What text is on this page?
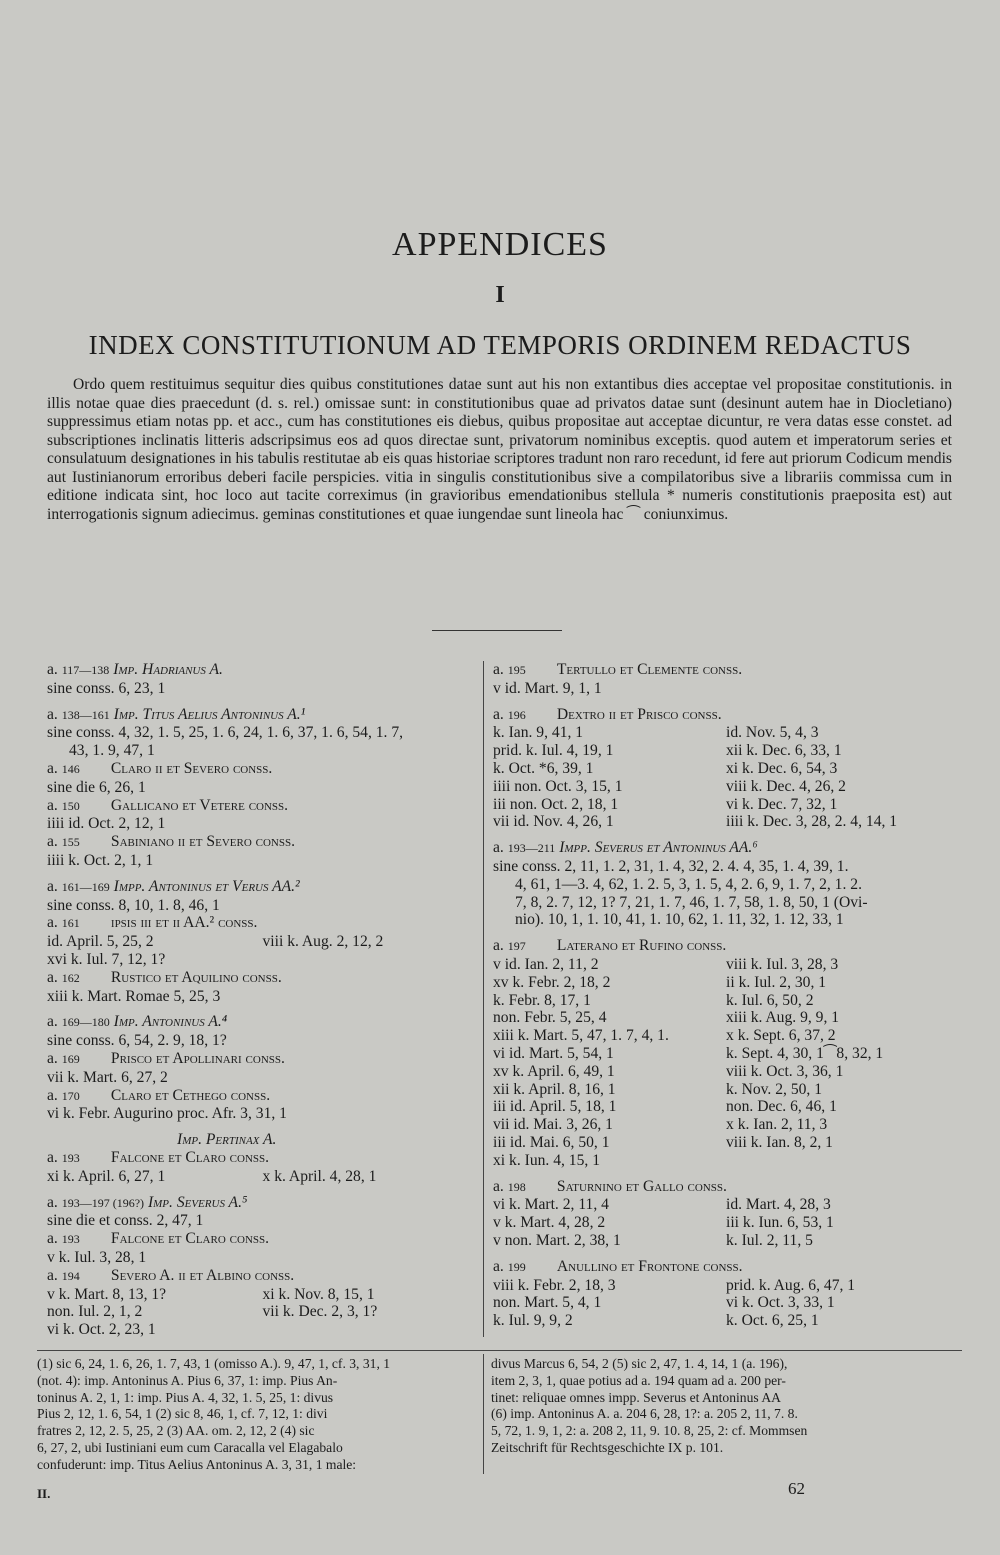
APPENDICES
I
INDEX CONSTITUTIONUM AD TEMPORIS ORDINEM REDACTUS

Ordo quem restituimus sequitur dies quibus constitutiones datae sunt aut his non extantibus dies acceptae vel propositae constitutionis. in illis notae quae dies praecedunt (d. s. rel.) omissae sunt: in constitutionibus quae ad privatos datae sunt (desinunt autem hae in Diocletiano) suppressimus etiam notas pp. et acc., cum has constitutiones eis diebus, quibus propositae aut acceptae dicuntur, re vera datas esse constet. ad subscriptiones inclinatis litteris adscripsimus eos ad quos directae sunt, privatorum nominibus exceptis. quod autem et imperatorum series et consulatuum designationes in his tabulis restitutae ab eis quas historiae scriptores tradunt non raro recedunt, id fere aut priorum Codicum mendis aut Iustinianorum erroribus deberi facile perspicies. vitia in singulis constitutionibus sive a compilatoribus sive a librariis commissa cum in editione indicata sint, hoc loco aut tacite correximus (in gravioribus emendationibus stellula * numeris constitutionis praeposita est) aut interrogationis signum adiecimus. geminas constitutiones et quae iungendae sunt lineola hac ⁀ coniunximus.

a. 117—138 Imp. Hadrianus A.
sine conss. 6, 23, 1
a. 138—161 Imp. Titus Aelius Antoninus A.¹
sine conss. 4, 32, 1. 5, 25, 1. 6, 24, 1. 6, 37, 1. 6, 54, 1. 7,
43, 1. 9, 47, 1
a. 146 Claro ii et Severo conss.
sine die 6, 26, 1
a. 150 Gallicano et Vetere conss.
iiii id. Oct. 2, 12, 1
a. 155 Sabiniano ii et Severo conss.
iiii k. Oct. 2, 1, 1
a. 161—169 Impp. Antoninus et Verus AA.²
sine conss. 8, 10, 1. 8, 46, 1
a. 161 ipsis iii et ii AA.² conss.
id. April. 5, 25, 2	viii k. Aug. 2, 12, 2
xvi k. Iul. 7, 12, 1?
a. 162 Rustico et Aquilino conss.
xiii k. Mart. Romae 5, 25, 3
a. 169—180 Imp. Antoninus A.⁴
sine conss. 6, 54, 2. 9, 18, 1?
a. 169 Prisco et Apollinari conss.
vii k. Mart. 6, 27, 2
a. 170 Claro et Cethego conss.
vi k. Febr. Augurino proc. Afr. 3, 31, 1
Imp. Pertinax A.
a. 193 Falcone et Claro conss.
xi k. April. 6, 27, 1	x k. April. 4, 28, 1
a. 193—197 (196?) Imp. Severus A.⁵
sine die et conss. 2, 47, 1
a. 193 Falcone et Claro conss.
v k. Iul. 3, 28, 1
a. 194 Severo A. ii et Albino conss.
v k. Mart. 8, 13, 1?	xi k. Nov. 8, 15, 1
non. Iul. 2, 1, 2	vii k. Dec. 2, 3, 1?
vi k. Oct. 2, 23, 1
a. 195 Tertullo et Clemente conss.
v id. Mart. 9, 1, 1
a. 196 Dextro ii et Prisco conss.
k. Ian. 9, 41, 1	id. Nov. 5, 4, 3
prid. k. Iul. 4, 19, 1	xii k. Dec. 6, 33, 1
k. Oct. *6, 39, 1	xi k. Dec. 6, 54, 3
iiii non. Oct. 3, 15, 1	viii k. Dec. 4, 26, 2
iii non. Oct. 2, 18, 1	vi k. Dec. 7, 32, 1
vii id. Nov. 4, 26, 1	iiii k. Dec. 3, 28, 2. 4, 14, 1
a. 193—211 Impp. Severus et Antoninus AA.⁶
sine conss. 2, 11, 1. 2, 31, 1. 4, 32, 2. 4. 4, 35, 1. 4, 39, 1.
4, 61, 1—3. 4, 62, 1. 2. 5, 3, 1. 5, 4, 2. 6, 9, 1. 7, 2, 1. 2.
7, 8, 2. 7, 12, 1? 7, 21, 1. 7, 46, 1. 7, 58, 1. 8, 50, 1 (Ovi-
nio). 10, 1, 1. 10, 41, 1. 10, 62, 1. 11, 32, 1. 12, 33, 1
a. 197 Laterano et Rufino conss.
v id. Ian. 2, 11, 2	viii k. Iul. 3, 28, 3
xv k. Febr. 2, 18, 2	ii k. Iul. 2, 30, 1
k. Febr. 8, 17, 1	k. Iul. 6, 50, 2
non. Febr. 5, 25, 4	xiii k. Aug. 9, 9, 1
xiii k. Mart. 5, 47, 1. 7, 4, 1.	x k. Sept. 6, 37, 2
vi id. Mart. 5, 54, 1	k. Sept. 4, 30, 1⁀8, 32, 1
xv k. April. 6, 49, 1	viii k. Oct. 3, 36, 1
xii k. April. 8, 16, 1	k. Nov. 2, 50, 1
iii id. April. 5, 18, 1	non. Dec. 6, 46, 1
vii id. Mai. 3, 26, 1	x k. Ian. 2, 11, 3
iii id. Mai. 6, 50, 1	viii k. Ian. 8, 2, 1
xi k. Iun. 4, 15, 1
a. 198 Saturnino et Gallo conss.
vi k. Mart. 2, 11, 4	id. Mart. 4, 28, 3
v k. Mart. 4, 28, 2	iii k. Iun. 6, 53, 1
v non. Mart. 2, 38, 1	k. Iul. 2, 11, 5
a. 199 Anullino et Frontone conss.
viii k. Febr. 2, 18, 3	prid. k. Aug. 6, 47, 1
non. Mart. 5, 4, 1	vi k. Oct. 3, 33, 1
k. Iul. 9, 9, 2	k. Oct. 6, 25, 1
(1) sic 6, 24, 1. 6, 26, 1. 7, 43, 1 (omisso A.). 9, 47, 1, cf. 3, 31, 1
(not. 4): imp. Antoninus A. Pius 6, 37, 1: imp. Pius An-
toninus A. 2, 1, 1: imp. Pius A. 4, 32, 1. 5, 25, 1: divus
Pius 2, 12, 1. 6, 54, 1 (2) sic 8, 46, 1, cf. 7, 12, 1: divi
fratres 2, 12, 2. 5, 25, 2 (3) AA. om. 2, 12, 2 (4) sic
6, 27, 2, ubi Iustiniani eum cum Caracalla vel Elagabalo
confuderunt: imp. Titus Aelius Antoninus A. 3, 31, 1 male:
divus Marcus 6, 54, 2 (5) sic 2, 47, 1. 4, 14, 1 (a. 196),
item 2, 3, 1, quae potius ad a. 194 quam ad a. 200 per-
tinet: reliquae omnes impp. Severus et Antoninus AA
(6) imp. Antoninus A. a. 204 6, 28, 1?: a. 205 2, 11, 7. 8.
5, 72, 1. 9, 1, 2: a. 208 2, 11, 9. 10. 8, 25, 2: cf. Mommsen
Zeitschrift für Rechtsgeschichte IX p. 101.
II.	62
